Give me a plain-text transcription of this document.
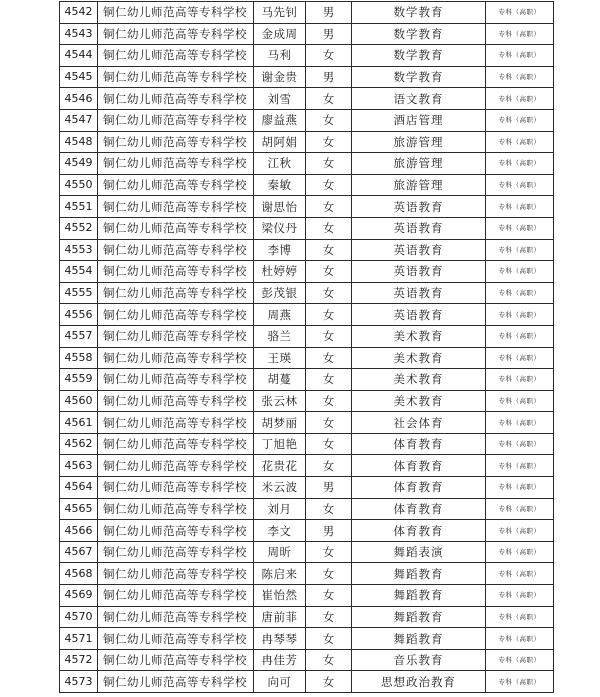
4542	铜仁幼儿师范高等专科学校	马先钊	男	数学教育	专科（高职）
4543	铜仁幼儿师范高等专科学校	金成周	男	数学教育	专科（高职）
4544	铜仁幼儿师范高等专科学校	马利	女	数学教育	专科（高职）
4545	铜仁幼儿师范高等专科学校	谢金贵	男	数学教育	专科（高职）
4546	铜仁幼儿师范高等专科学校	刘雪	女	语文教育	专科（高职）
4547	铜仁幼儿师范高等专科学校	廖益燕	女	酒店管理	专科（高职）
4548	铜仁幼儿师范高等专科学校	胡阿娟	女	旅游管理	专科（高职）
4549	铜仁幼儿师范高等专科学校	江秋	女	旅游管理	专科（高职）
4550	铜仁幼儿师范高等专科学校	秦敏	女	旅游管理	专科（高职）
4551	铜仁幼儿师范高等专科学校	谢思怡	女	英语教育	专科（高职）
4552	铜仁幼儿师范高等专科学校	梁仪丹	女	英语教育	专科（高职）
4553	铜仁幼儿师范高等专科学校	李博	女	英语教育	专科（高职）
4554	铜仁幼儿师范高等专科学校	杜婷婷	女	英语教育	专科（高职）
4555	铜仁幼儿师范高等专科学校	彭茂银	女	英语教育	专科（高职）
4556	铜仁幼儿师范高等专科学校	周燕	女	英语教育	专科（高职）
4557	铜仁幼儿师范高等专科学校	骆兰	女	美术教育	专科（高职）
4558	铜仁幼儿师范高等专科学校	王瑛	女	美术教育	专科（高职）
4559	铜仁幼儿师范高等专科学校	胡蔓	女	美术教育	专科（高职）
4560	铜仁幼儿师范高等专科学校	张云林	女	美术教育	专科（高职）
4561	铜仁幼儿师范高等专科学校	胡梦丽	女	社会体育	专科（高职）
4562	铜仁幼儿师范高等专科学校	丁旭艳	女	体育教育	专科（高职）
4563	铜仁幼儿师范高等专科学校	花贵花	女	体育教育	专科（高职）
4564	铜仁幼儿师范高等专科学校	米云波	男	体育教育	专科（高职）
4565	铜仁幼儿师范高等专科学校	刘月	女	体育教育	专科（高职）
4566	铜仁幼儿师范高等专科学校	李文	男	体育教育	专科（高职）
4567	铜仁幼儿师范高等专科学校	周昕	女	舞蹈表演	专科（高职）
4568	铜仁幼儿师范高等专科学校	陈启来	女	舞蹈教育	专科（高职）
4569	铜仁幼儿师范高等专科学校	崔怡然	女	舞蹈教育	专科（高职）
4570	铜仁幼儿师范高等专科学校	唐前菲	女	舞蹈教育	专科（高职）
4571	铜仁幼儿师范高等专科学校	冉琴琴	女	舞蹈教育	专科（高职）
4572	铜仁幼儿师范高等专科学校	冉佳芳	女	音乐教育	专科（高职）
4573	铜仁幼儿师范高等专科学校	向可	女	思想政治教育	专科（高职）
